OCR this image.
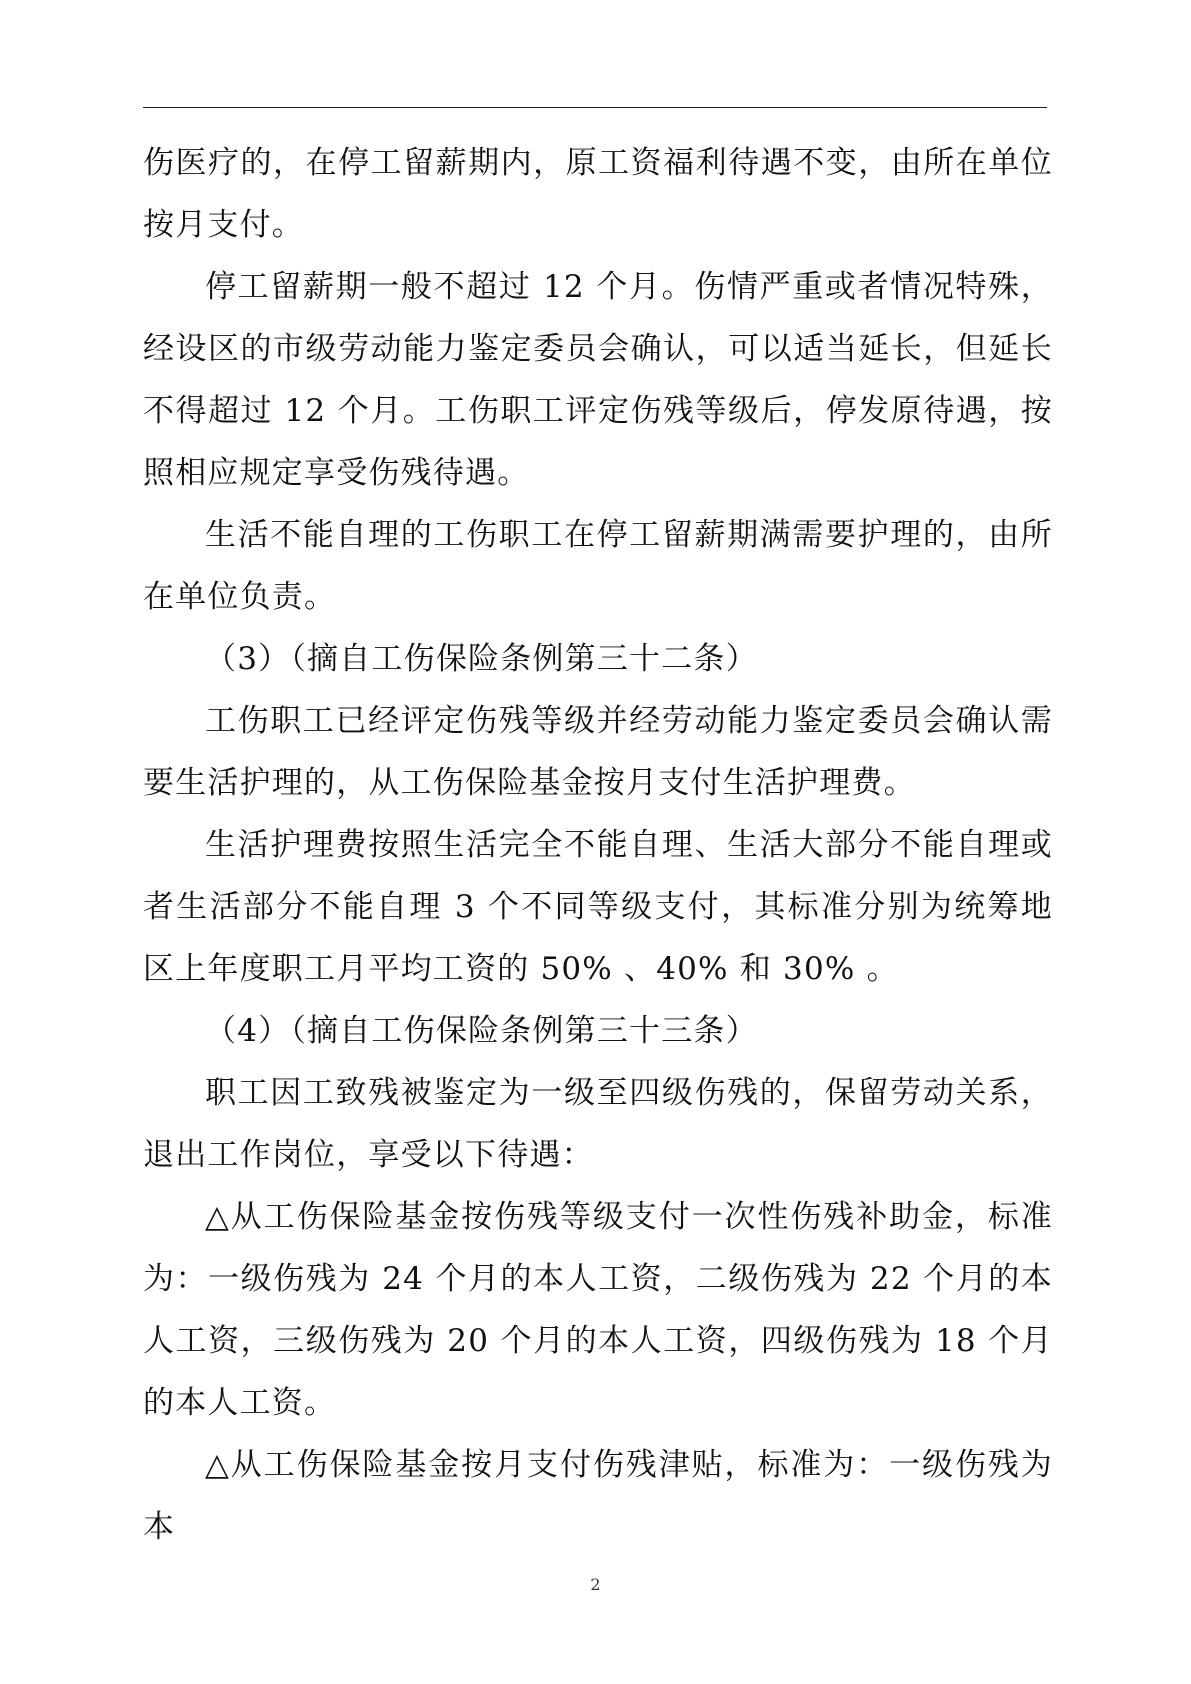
伤医疗的，在停工留薪期内，原工资福利待遇不变，由所在单位按月支付。

停工留薪期一般不超过 12 个月。伤情严重或者情况特殊，经设区的市级劳动能力鉴定委员会确认，可以适当延长，但延长不得超过 12 个月。工伤职工评定伤残等级后，停发原待遇，按照相应规定享受伤残待遇。

生活不能自理的工伤职工在停工留薪期满需要护理的，由所在单位负责。

（3）（摘自工伤保险条例第三十二条）

工伤职工已经评定伤残等级并经劳动能力鉴定委员会确认需要生活护理的，从工伤保险基金按月支付生活护理费。

生活护理费按照生活完全不能自理、生活大部分不能自理或者生活部分不能自理 3 个不同等级支付，其标准分别为统筹地区上年度职工月平均工资的 50% 、40% 和 30% 。

（4）（摘自工伤保险条例第三十三条）

职工因工致残被鉴定为一级至四级伤残的，保留劳动关系，退出工作岗位，享受以下待遇：

△从工伤保险基金按伤残等级支付一次性伤残补助金，标准为：一级伤残为 24 个月的本人工资，二级伤残为 22 个月的本人工资，三级伤残为 20 个月的本人工资，四级伤残为 18 个月的本人工资。

△从工伤保险基金按月支付伤残津贴，标准为：一级伤残为本

2
